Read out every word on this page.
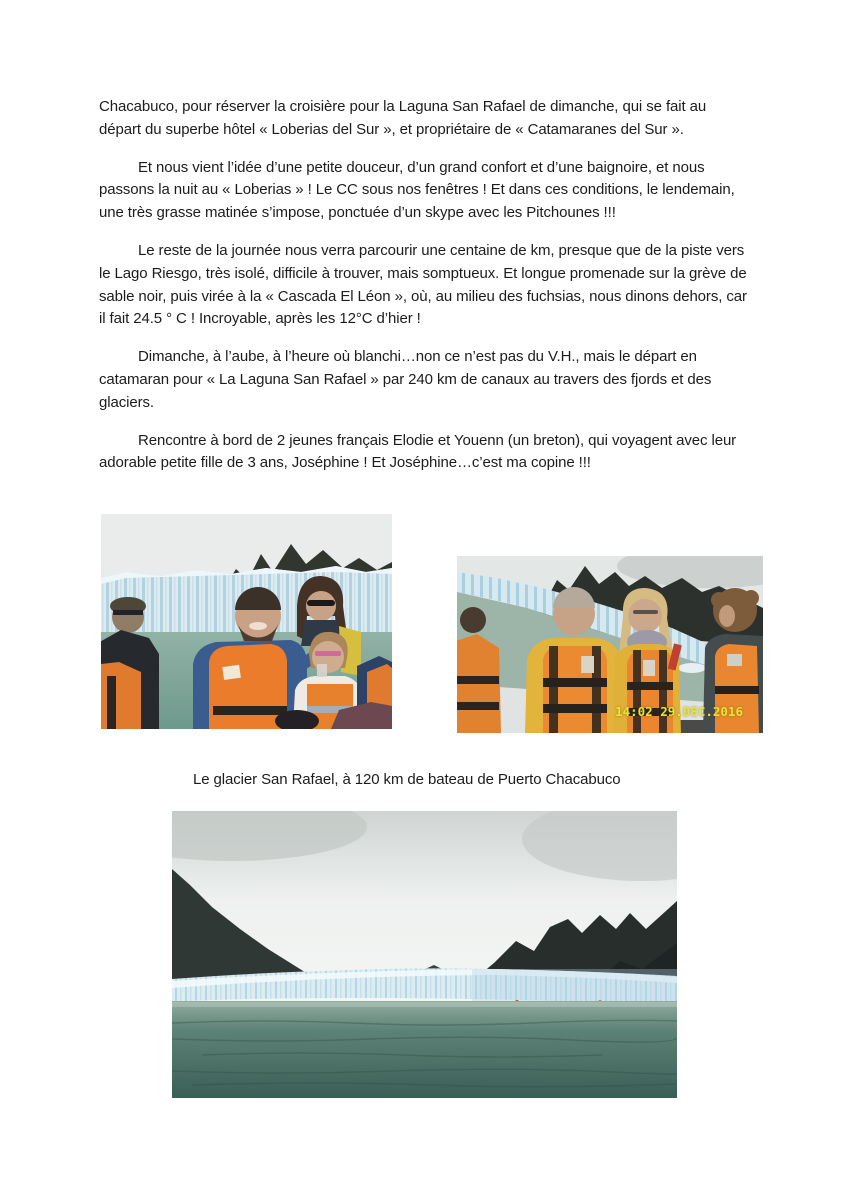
Chacabuco, pour réserver la croisière pour la Laguna San Rafael de dimanche, qui se fait au départ du superbe hôtel « Loberias del Sur », et propriétaire de « Catamaranes del Sur ».

Et nous vient l’idée d’une petite douceur, d’un grand confort et d’une baignoire, et nous passons la nuit au « Loberias » ! Le CC sous nos fenêtres ! Et dans ces conditions, le lendemain, une très grasse matinée s’impose, ponctuée d’un skype avec les Pitchounes !!!

Le reste de la journée nous verra parcourir une centaine de km, presque que de la piste vers le Lago Riesgo, très isolé, difficile à trouver, mais somptueux. Et longue promenade sur la grève de sable noir, puis virée à la « Cascada El Léon », où, au milieu des fuchsias, nous dinons dehors, car il fait 24.5 ° C ! Incroyable, après les 12°C d’hier !

Dimanche, à l’aube, à l’heure où blanchi…non ce n’est pas du V.H., mais le départ en catamaran pour « La Laguna San Rafael » par 240 km de canaux au travers des fjords et des glaciers.

Rencontre à bord de 2 jeunes français Elodie et Youenn (un breton), qui voyagent avec leur adorable petite fille de 3 ans, Joséphine ! Et Joséphine…c’est ma copine !!!

14:02 29.DEC.2016
Le glacier San Rafael, à 120 km de bateau de Puerto Chacabuco
